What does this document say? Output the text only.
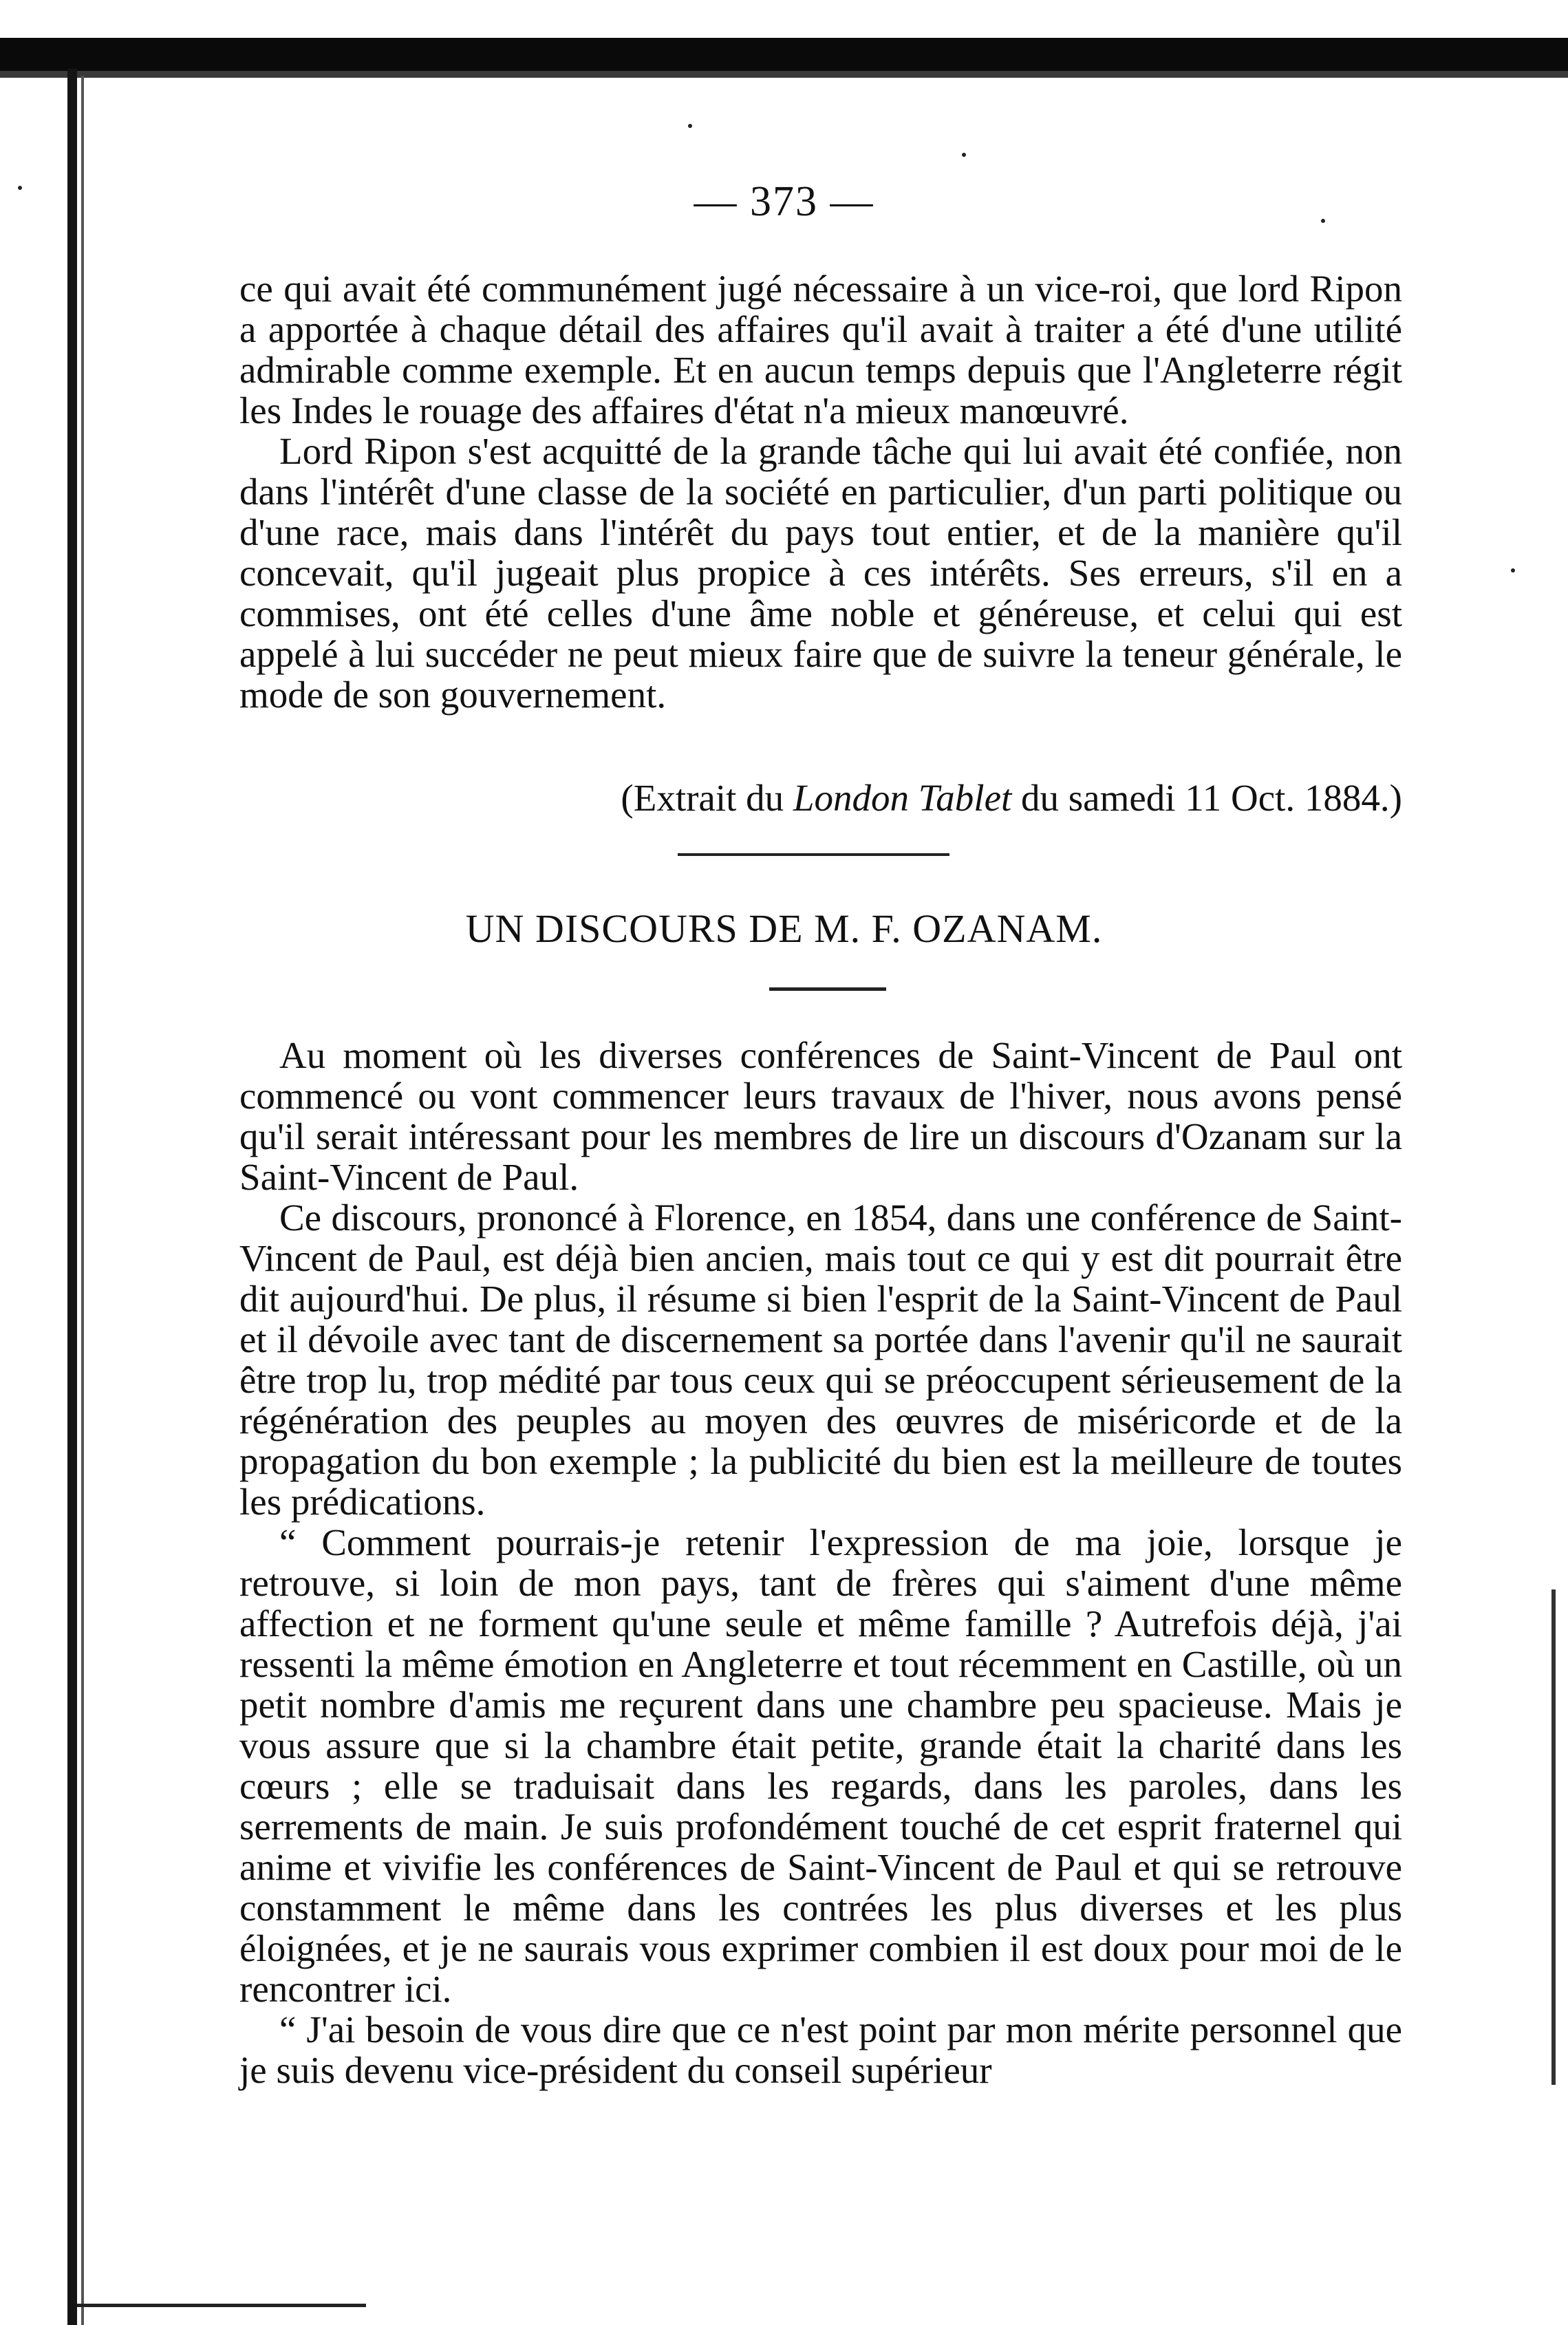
— 373 —

ce qui avait été communément jugé nécessaire à un vice-roi, que lord Ripon a apportée à chaque détail des affaires qu'il avait à traiter a été d'une utilité admirable comme exemple. Et en aucun temps depuis que l'Angleterre régit les Indes le rouage des affaires d'état n'a mieux manœuvré.

Lord Ripon s'est acquitté de la grande tâche qui lui avait été confiée, non dans l'intérêt d'une classe de la société en particulier, d'un parti politique ou d'une race, mais dans l'intérêt du pays tout entier, et de la manière qu'il concevait, qu'il jugeait plus propice à ces intérêts. Ses erreurs, s'il en a commises, ont été celles d'une âme noble et généreuse, et celui qui est appelé à lui succéder ne peut mieux faire que de suivre la teneur générale, le mode de son gouvernement.

(Extrait du London Tablet du samedi 11 Oct. 1884.)
UN DISCOURS DE M. F. OZANAM.

Au moment où les diverses conférences de Saint-Vincent de Paul ont commencé ou vont commencer leurs travaux de l'hiver, nous avons pensé qu'il serait intéressant pour les membres de lire un discours d'Ozanam sur la Saint-Vincent de Paul.

Ce discours, prononcé à Florence, en 1854, dans une conférence de Saint-Vincent de Paul, est déjà bien ancien, mais tout ce qui y est dit pourrait être dit aujourd'hui. De plus, il résume si bien l'esprit de la Saint-Vincent de Paul et il dévoile avec tant de discernement sa portée dans l'avenir qu'il ne saurait être trop lu, trop médité par tous ceux qui se préoccupent sérieusement de la régénération des peuples au moyen des œuvres de miséricorde et de la propagation du bon exemple ; la publicité du bien est la meilleure de toutes les prédications.

“ Comment pourrais-je retenir l'expression de ma joie, lorsque je retrouve, si loin de mon pays, tant de frères qui s'aiment d'une même affection et ne forment qu'une seule et même famille ? Autrefois déjà, j'ai ressenti la même émotion en Angleterre et tout récemment en Castille, où un petit nombre d'amis me reçurent dans une chambre peu spacieuse. Mais je vous assure que si la chambre était petite, grande était la charité dans les cœurs ; elle se traduisait dans les regards, dans les paroles, dans les serrements de main. Je suis profondément touché de cet esprit fraternel qui anime et vivifie les conférences de Saint-Vincent de Paul et qui se retrouve constamment le même dans les contrées les plus diverses et les plus éloignées, et je ne saurais vous exprimer combien il est doux pour moi de le rencontrer ici.

“ J'ai besoin de vous dire que ce n'est point par mon mérite personnel que je suis devenu vice-président du conseil supérieur
